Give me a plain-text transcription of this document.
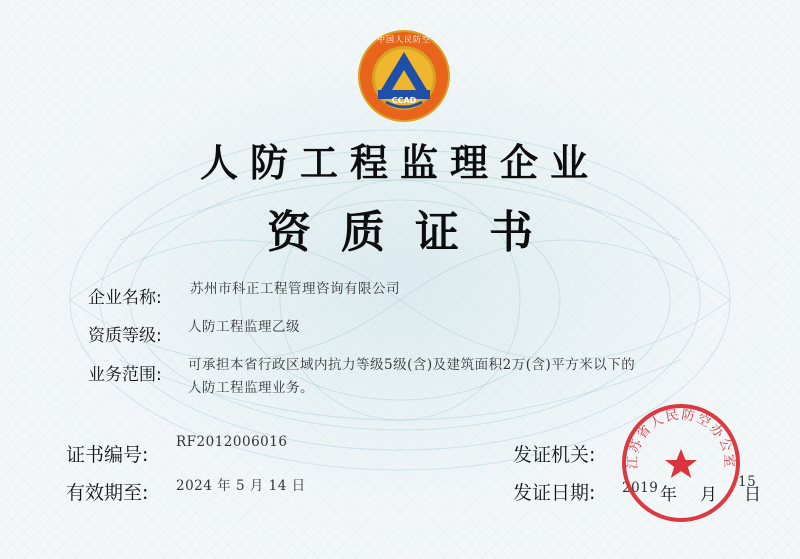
中国人民防空
CCAD
人防工程监理企业
资质证书
企业名称: 苏州市科正工程管理咨询有限公司
资质等级: 人防工程监理乙级
业务范围: 可承担本省行政区域内抗力等级5级(含)及建筑面积2万(含)平方米以下的
人防工程监理业务。
证书编号:
RF2012006016
有效期至: 2024 年 5 月 14 日
发证机关:
发证日期: 2019 年 月
15
日
江苏省人民防空办公室
